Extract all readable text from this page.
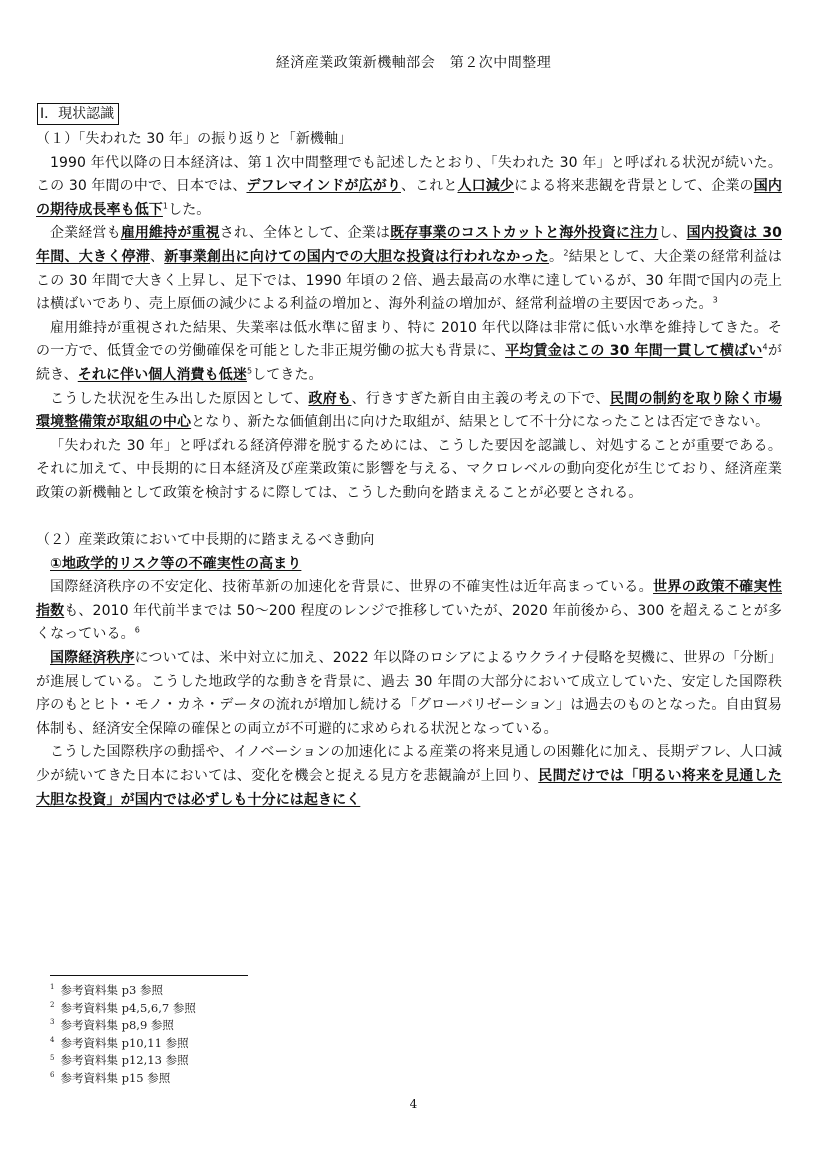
経済産業政策新機軸部会　第２次中間整理
Ⅰ．現状認識

（１）「失われた 30 年」の振り返りと「新機軸」

1990 年代以降の日本経済は、第１次中間整理でも記述したとおり、「失われた 30 年」と呼ばれる状況が続いた。この 30 年間の中で、日本では、デフレマインドが広がり、これと人口減少による将来悲観を背景として、企業の国内の期待成長率も低下$^1$した。

企業経営も雇用維持が重視され、全体として、企業は既存事業のコストカットと海外投資に注力し、国内投資は 30 年間、大きく停滞、新事業創出に向けての国内での大胆な投資は行われなかった。$^2$結果として、大企業の経常利益はこの 30 年間で大きく上昇し、足下では、1990 年頃の２倍、過去最高の水準に達しているが、30 年間で国内の売上は横ばいであり、売上原価の減少による利益の増加と、海外利益の増加が、経常利益増の主要因であった。$^3$

雇用維持が重視された結果、失業率は低水準に留まり、特に 2010 年代以降は非常に低い水準を維持してきた。その一方で、低賃金での労働確保を可能とした非正規労働の拡大も背景に、平均賃金はこの 30 年間一貫して横ばい$^4$が続き、それに伴い個人消費も低迷$^5$してきた。

こうした状況を生み出した原因として、政府も、行きすぎた新自由主義の考えの下で、民間の制約を取り除く市場環境整備策が取組の中心となり、新たな価値創出に向けた取組が、結果として不十分になったことは否定できない。

「失われた 30 年」と呼ばれる経済停滞を脱するためには、こうした要因を認識し、対処することが重要である。それに加えて、中長期的に日本経済及び産業政策に影響を与える、マクロレベルの動向変化が生じており、経済産業政策の新機軸として政策を検討するに際しては、こうした動向を踏まえることが必要とされる。

（２）産業政策において中長期的に踏まえるべき動向

①地政学的リスク等の不確実性の高まり

国際経済秩序の不安定化、技術革新の加速化を背景に、世界の不確実性は近年高まっている。世界の政策不確実性指数も、2010 年代前半までは 50～200 程度のレンジで推移していたが、2020 年前後から、300 を超えることが多くなっている。$^6$

国際経済秩序については、米中対立に加え、2022 年以降のロシアによるウクライナ侵略を契機に、世界の「分断」が進展している。こうした地政学的な動きを背景に、過去 30 年間の大部分において成立していた、安定した国際秩序のもとヒト・モノ・カネ・データの流れが増加し続ける「グローバリゼーション」は過去のものとなった。自由貿易体制も、経済安全保障の確保との両立が不可避的に求められる状況となっている。

こうした国際秩序の動揺や、イノベーションの加速化による産業の将来見通しの困難化に加え、長期デフレ、人口減少が続いてきた日本においては、変化を機会と捉える見方を悲観論が上回り、民間だけでは「明るい将来を見通した大胆な投資」が国内では必ずしも十分には起きにく

$^1$ 参考資料集 p3 参照
$^2$ 参考資料集 p4,5,6,7 参照
$^3$ 参考資料集 p8,9 参照
$^4$ 参考資料集 p10,11 参照
$^5$ 参考資料集 p12,13 参照
$^6$ 参考資料集 p15 参照
4
